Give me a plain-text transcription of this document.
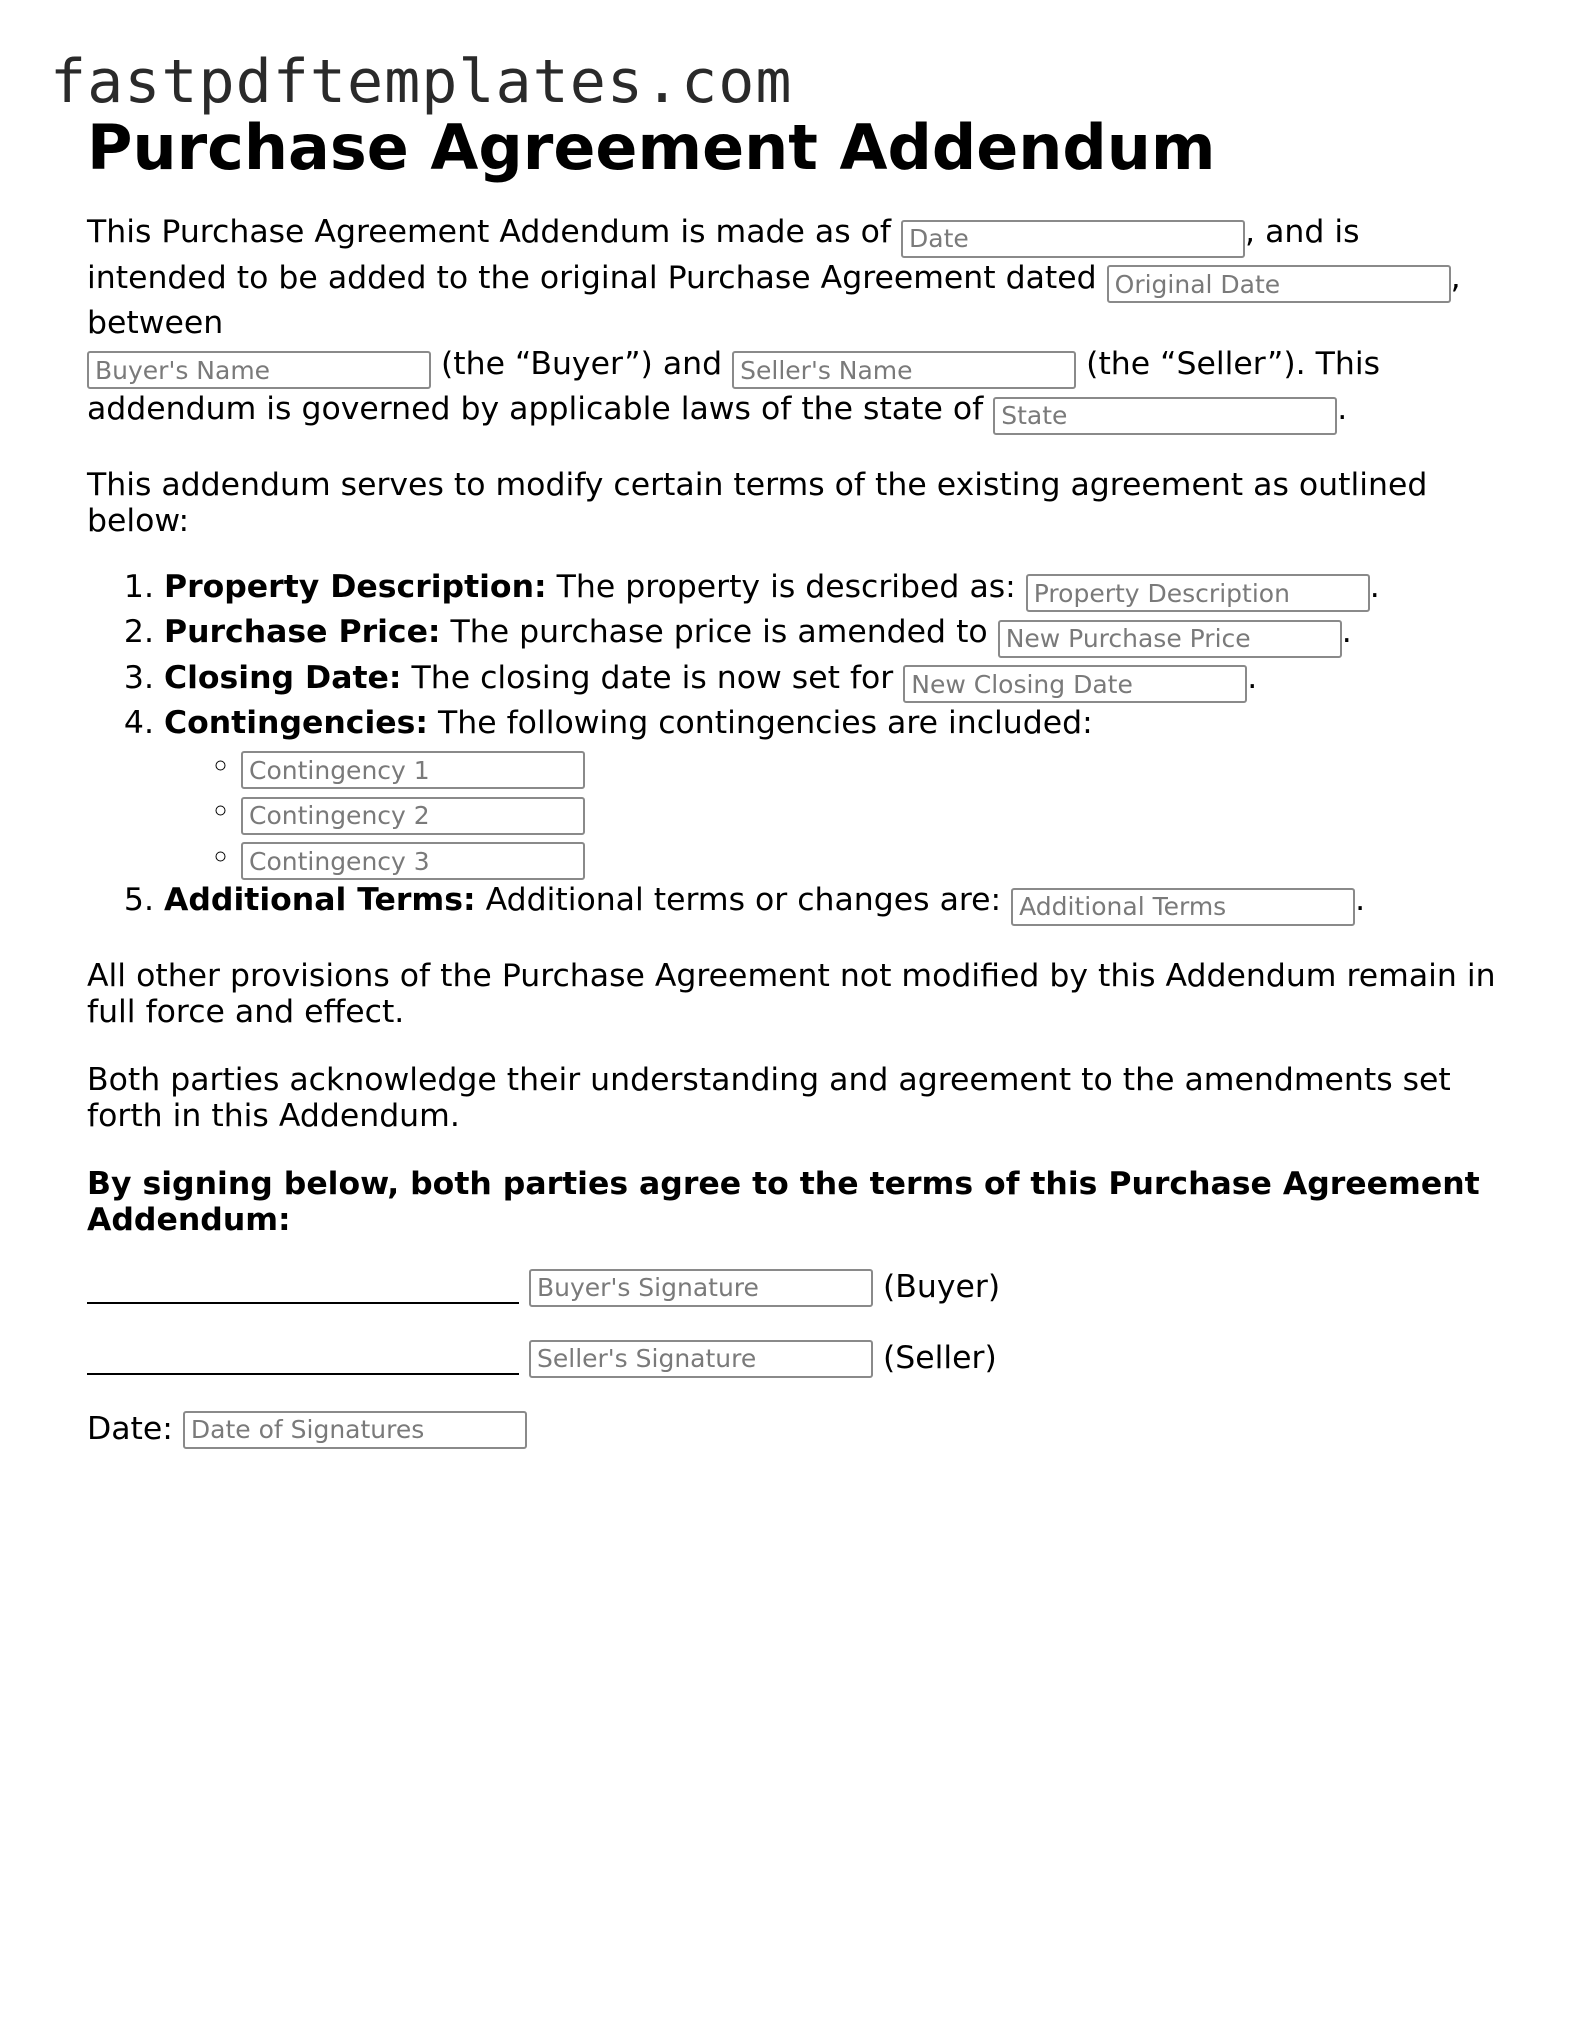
fastpdftemplates.com
Purchase Agreement Addendum

This Purchase Agreement Addendum is made as of Date	, and is intended to be added to the original Purchase Agreement dated Original Date	, between
Buyer's Name (the “Buyer”) and Seller's Name	(the “Seller”). This addendum is governed by applicable laws of the state of State	.

This addendum serves to modify certain terms of the existing agreement as outlined below:

1. Property Description: The property is described as: Property Description	.
2. Purchase Price: The purchase price is amended to New Purchase Price	.
3. Closing Date: The closing date is now set for New Closing Date	.
4. Contingencies: The following contingencies are included:
◦ Contingency 1
◦ Contingency 2
◦ Contingency 3
5. Additional Terms: Additional terms or changes are: Additional Terms	.

All other provisions of the Purchase Agreement not modified by this Addendum remain in full force and effect.

Both parties acknowledge their understanding and agreement to the amendments set forth in this Addendum.

By signing below, both parties agree to the terms of this Purchase Agreement Addendum:

Buyer's Signature
(Buyer)
Seller's Signature
(Seller)
Date:
Date of Signatures
